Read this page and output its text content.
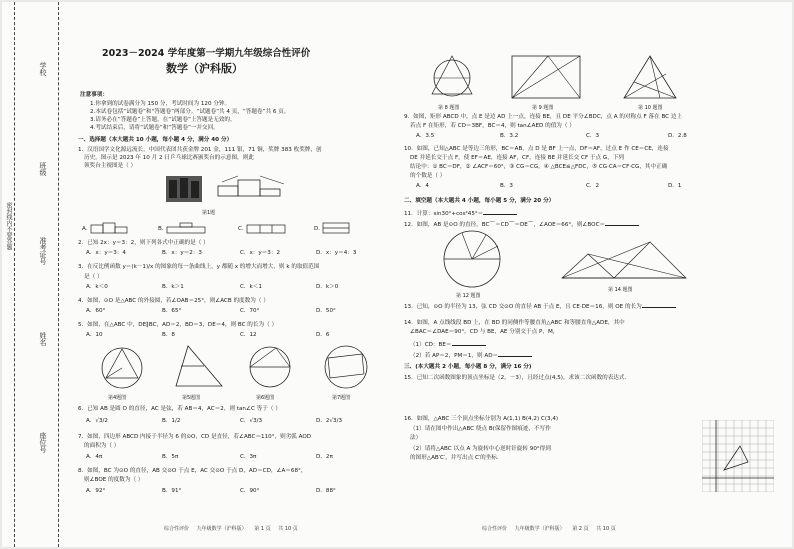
学校
班级
准考证号
姓名
座位号
密封线内不要答题
2023－2024 学年度第一学期九年级综合性评价
数学（沪科版）
注意事项：
1.你拿到的试卷满分为 150 分，考试时间为 120 分钟。
2.本试卷包括“试题卷”和“答题卷”两部分。“试题卷”共 4 页，“答题卷”共 6 页。
3.请务必在“答题卷”上答题，在“试题卷”上答题是无效的。
4.考试结束后，请将“试题卷”和“答题卷”一并交回。
一、选择题（本大题共 10 小题，每小题 4 分，满分 40 分）
1．汉语国学文化源远流长，中国代表团共获金牌 201 金，111 银，71 铜，奖牌 383 枚奖牌，创
历史。图示是 2023 年 10 月 2 日乒乓球比赛颁奖台的示意图，则此
领奖台主视图是（ ）
第1题
A.	B.	C.	D.
2．已知 2x：y＝3：2，则下列各式中正确的是（ ）
A．x：y＝3：4	B．x：y＝2：3	C．x：y＝3：2	D．x：y＝4：3
3．在反比例函数 y＝(k－1)/x 的图象的每一条曲线上，y 都随 x 的增大而增大，则 k 的取值范围
是（ ）
A．k＜0	B．k＞1	C．k＜1	D．k＞0
4．如图，⊙O 是△ABC 的外接圆，若∠OAB＝25°，则∠ACB 的度数为（ ）
A．60°	B．65°	C．70°	D．50°
5．如图，在△ABC 中，DE∥BC，AD＝2，BD＝3，DE＝4，则 BC 的长为（ ）
A．10	B．8	C．12	D．6
第4题图	第5题图	第6题图	第7题图
6．已知 AB 是圆 O 的直径，AC 是弦，若 AB＝4，AC＝2，则 tan∠C 等于（ ）
A．√3/2	B．1/2	C．√3/3	D．2√3/3
7．如图，四边形 ABCD 内接于半径为 6 的⊙O，CD 是直径，若∠ABC＝110°，则劣弧 AOD
的面积为（ ）
A．4π	B．5π	C．3π	D．2π
8．如图，BC 为⊙O 的直径，AB 交⊙O 于点 E，AC 交⊙O 于点 D，AD＝CD，∠A＝68°，
则∠BOE 的度数为（ ）
A．92°	B．91°	C．90°	D．88°
综合性评价 九年级数学（沪科版） 第 1 页 共 10 页
第 8 题图	第 9 题图	第 10 题图
9．如图，矩形 ABCD 中，点 E 是边 AD 上一点，连接 BE，且 DE 平分∠BDC，点 A 的对称点 F 落在 BC 边上
若点 F 在矩形，若 CD＝3BF，BC＝4，则 tan∠AED 的值为（ ）
A．3.5	B．3.2	C．3	D．2.8
10．如图，已知△ABC 是等边三角形，BC＝AB，点 D 是 BF 上一点，DF＝AF，过点 E 作 CE＝CE，连接
DE 并延长交于点 F，使 EF＝AE，连接 AF，CF，连接 BE 并延长交 CF 于点 G，下列
结论中：① BC＝DF，② ∠ACF＝60°，③ CG＝CG，④ △BCE≌△FDC，⑤ CG·CA＝CF·CG，其中正确
的个数是（ ）
A．4	B．3	C．2	D．1
二、填空题（本大题共 4 小题，每小题 5 分，满分 20 分）
11．计算：sin30°+cos²45°＝
12．如图，AB 是⊙O 的直径，BC⌒＝CD⌒＝DE⌒，∠AOE＝66°，则∠BOC＝
第 12 题图
第 14 题图
13．已知，⊙O 的半径为 13，弦 CD 交⊙O 的直径 AB 于点 E，且 CE·DE＝16，则 OE 的长为
14．如图，A 点线线段 BD 上，在 BD 的同侧作等腰直角△ABC 和等腰直角△ADE，其中
∠BAC＝∠DAE＝90°，CD 与 BE，AE 分别交于点 P，M，
（1）CD：BE＝
（2）若 AP＝2，PM＝1，则 AD＝
三、(本大题共 2 小题，每小题 8 分，满分 16 分)
15．已知二次函数图象的顶点坐标是（2，－3），且经过点(4,5)，求该二次函数的表达式．
16．如图，△ABC 三个顶点坐标分别为 A(1,1) B(4,2) C(3,4)
（1）请在图中作出△ABC 绕点 B(保留作图痕迹，不写作
法）
（2）请将△ABC 以点 A 为旋转中心逆时针旋转 90°得到
的图形△AB′C′，并写出点 C′的坐标．
综合性评价 九年级数学（沪科版） 第 2 页 共 10 页
